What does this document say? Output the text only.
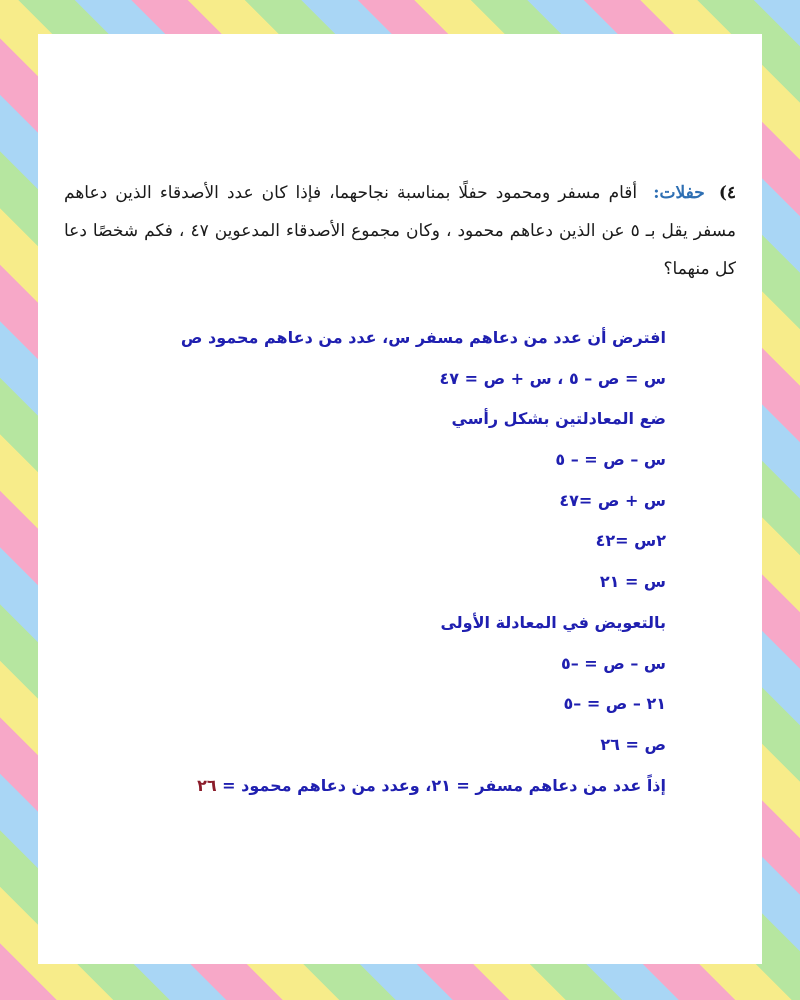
٤) حفلات: أقام مسفر ومحمود حفلًا بمناسبة نجاحهما، فإذا كان عدد الأصدقاء الذين دعاهم مسفر يقل بـ ٥ عن الذين دعاهم محمود ، وكان مجموع الأصدقاء المدعوين ٤٧ ، فكم شخصًا دعا كل منهما؟
افترض أن عدد من دعاهم مسفر س، عدد من دعاهم محمود ص
س = ص – ٥ ، س + ص = ٤٧
ضع المعادلتين بشكل رأسي
س – ص = – ٥
س + ص =٤٧
٢س =٤٢
س = ٢١
بالتعويض في المعادلة الأولى
س – ص = –٥
٢١ – ص = –٥
ص = ٢٦
إذاً عدد من دعاهم مسفر = ٢١، وعدد من دعاهم محمود = ٢٦
